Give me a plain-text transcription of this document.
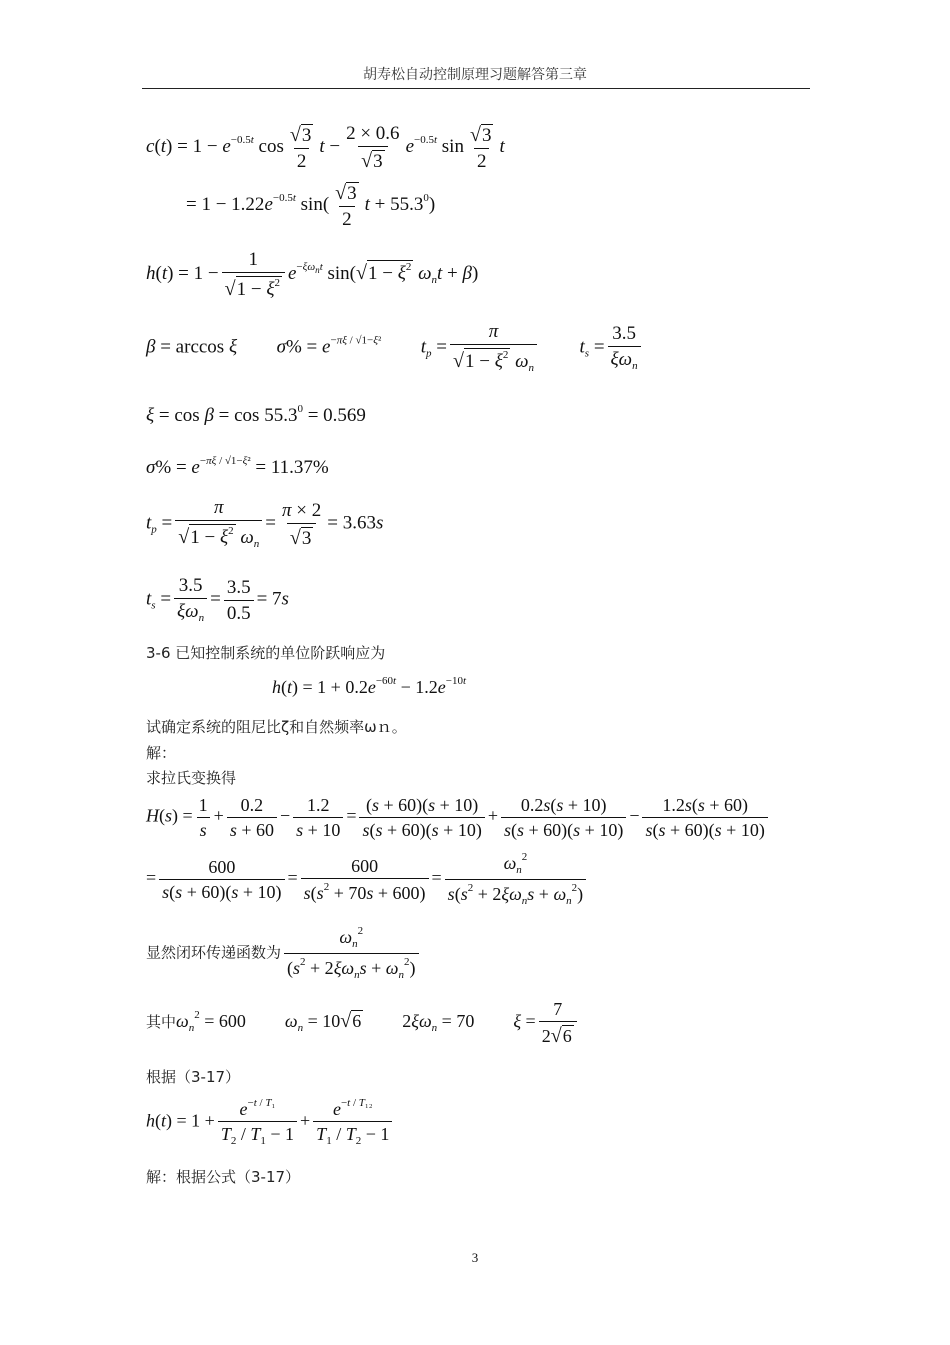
胡寿松自动控制原理习题解答第三章
$c(t) = 1 - e^{-0.5t}$ $\cos \frac{√3}{2}$ $t - \frac{2 \times 0.6}{√3} e^{-0.5t}$ $\sin \frac{√3}{2}$ t
= $1 - 1.22e^{-0.5t}$ $\sin( \frac{√3}{2}$ $t + 55.3^0$)
$h(t) = 1 - \frac{1}{√1 - \xi^2} e^{-\xi\omega_nt}$ $\sin(√1 - \xi^2$ $\omega_nt + \beta$)
β = arccos ξ $\sigma\% = e^{-\pi\xi / √1-\xi^2}$ $t_p = \frac{\pi}{√1 - \xi^2 \omega_n} t_s = \frac{3.5}{\xi\omega_n}$
$\xi = \cos \beta = \cos 55.3^0 = 0.569$
$\sigma\% = e^{-\pi\xi / √1-\xi^2} = 11.37\%$
$t_p = \frac{\pi}{√1 - \xi^2 \omega_n} = \frac{\pi \times 2}{√3} = 3.63s$
$t_s = \frac{3.5}{\xi\omega_n} = \frac{3.5}{0.5} = 7s$
3-6 已知控制系统的单位阶跃响应为
$h(t) = 1 + 0.2e^{-60t} - 1.2e^{-10t}$
试确定系统的阻尼比ζ和自然频率ωｎ。
解：
求拉氏变换得
$H(s) = \frac{1}{s} + \frac{0.2}{s + 60} - \frac{1.2}{s + 10} = \frac{(s + 60)(s + 10)}{s(s + 60)(s + 10)} + \frac{0.2s(s + 10)}{s(s + 60)(s + 10)} - \frac{1.2s(s + 60)}{s(s + 60)(s + 10)}$
= $\frac{600}{s(s + 60)(s + 10)} = \frac{600}{s(s^2 + 70s + 600)} = \frac{\omega_n^2}{s(s^2 + 2\xi\omega_ns + \omega_n^2)}$
显然闭环传递函数为 $\frac{\omega_n^2}{(s^2 + 2\xi\omega_ns + \omega_n^2)}$
其中$\omega_n^2 = 600$  $\omega_n = 10√6$  $2\xi\omega_n = 70$  $\xi = \frac{7}{2√6}$
根据（3-17）
$h(t) = 1 + \frac{e^{-t / T_1}}{T_2 / T_1 - 1} + \frac{e^{-t / T_{12}}}{T_1 / T_2 - 1}$
解：根据公式（3-17）
3
